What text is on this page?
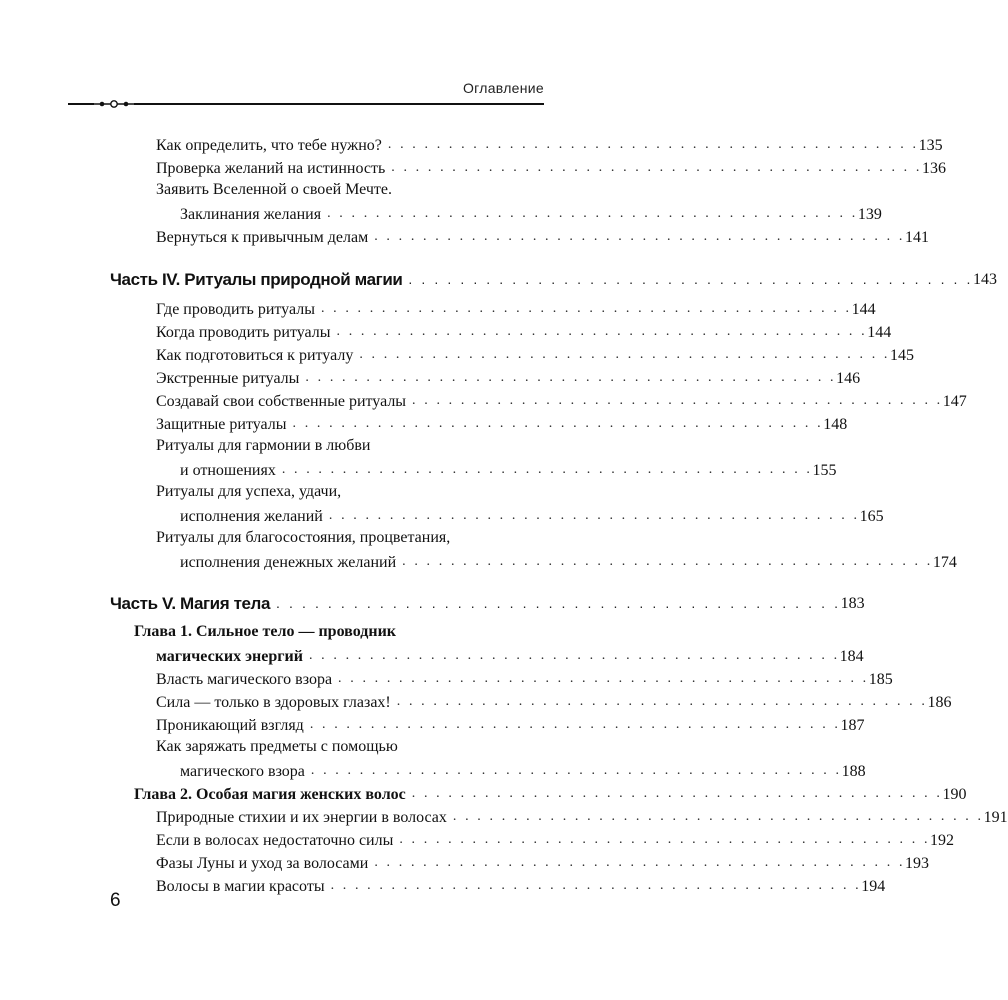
Оглавление
Как определить, что тебе нужно? . . . . . . . . . . . . . . . . . . . . . . . . . . . . . . . . . . . . . . . . . . . . 135
Проверка желаний на истинность . . . . . . . . . . . . . . . . . . . . . . . . . . . . . . . . . . . . . . . . . . . . 136
Заявить Вселенной о своей Мечте.
Заклинания желания . . . . . . . . . . . . . . . . . . . . . . . . . . . . . . . . . . . . . . . . . . . . 139
Вернуться к привычным делам . . . . . . . . . . . . . . . . . . . . . . . . . . . . . . . . . . . . . . . . . . . . 141
Часть IV. Ритуалы природной магии . . . . . . . . . . . . . . . . . . . . . . . . . . . . . . . . . . . . . . . . . . . . 143
Где проводить ритуалы . . . . . . . . . . . . . . . . . . . . . . . . . . . . . . . . . . . . . . . . . . . . 144
Когда проводить ритуалы . . . . . . . . . . . . . . . . . . . . . . . . . . . . . . . . . . . . . . . . . . . . 144
Как подготовиться к ритуалу . . . . . . . . . . . . . . . . . . . . . . . . . . . . . . . . . . . . . . . . . . . . 145
Экстренные ритуалы . . . . . . . . . . . . . . . . . . . . . . . . . . . . . . . . . . . . . . . . . . . . 146
Создавай свои собственные ритуалы . . . . . . . . . . . . . . . . . . . . . . . . . . . . . . . . . . . . . . . . . . . . 147
Защитные ритуалы . . . . . . . . . . . . . . . . . . . . . . . . . . . . . . . . . . . . . . . . . . . . 148
Ритуалы для гармонии в любви
и отношениях . . . . . . . . . . . . . . . . . . . . . . . . . . . . . . . . . . . . . . . . . . . . 155
Ритуалы для успеха, удачи,
исполнения желаний . . . . . . . . . . . . . . . . . . . . . . . . . . . . . . . . . . . . . . . . . . . . 165
Ритуалы для благосостояния, процветания,
исполнения денежных желаний . . . . . . . . . . . . . . . . . . . . . . . . . . . . . . . . . . . . . . . . . . . . 174
Часть V. Магия тела . . . . . . . . . . . . . . . . . . . . . . . . . . . . . . . . . . . . . . . . . . . . 183
Глава 1. Сильное тело — проводник
магических энергий . . . . . . . . . . . . . . . . . . . . . . . . . . . . . . . . . . . . . . . . . . . . 184
Власть магического взора . . . . . . . . . . . . . . . . . . . . . . . . . . . . . . . . . . . . . . . . . . . . 185
Сила — только в здоровых глазах! . . . . . . . . . . . . . . . . . . . . . . . . . . . . . . . . . . . . . . . . . . . . 186
Проникающий взгляд . . . . . . . . . . . . . . . . . . . . . . . . . . . . . . . . . . . . . . . . . . . . 187
Как заряжать предметы с помощью
магического взора . . . . . . . . . . . . . . . . . . . . . . . . . . . . . . . . . . . . . . . . . . . . 188
Глава 2. Особая магия женских волос . . . . . . . . . . . . . . . . . . . . . . . . . . . . . . . . . . . . . . . . . . . . 190
Природные стихии и их энергии в волосах . . . . . . . . . . . . . . . . . . . . . . . . . . . . . . . . . . . . . . . . . . . . 191
Если в волосах недостаточно силы . . . . . . . . . . . . . . . . . . . . . . . . . . . . . . . . . . . . . . . . . . . . 192
Фазы Луны и уход за волосами . . . . . . . . . . . . . . . . . . . . . . . . . . . . . . . . . . . . . . . . . . . . 193
Волосы в магии красоты . . . . . . . . . . . . . . . . . . . . . . . . . . . . . . . . . . . . . . . . . . . . 194
6
